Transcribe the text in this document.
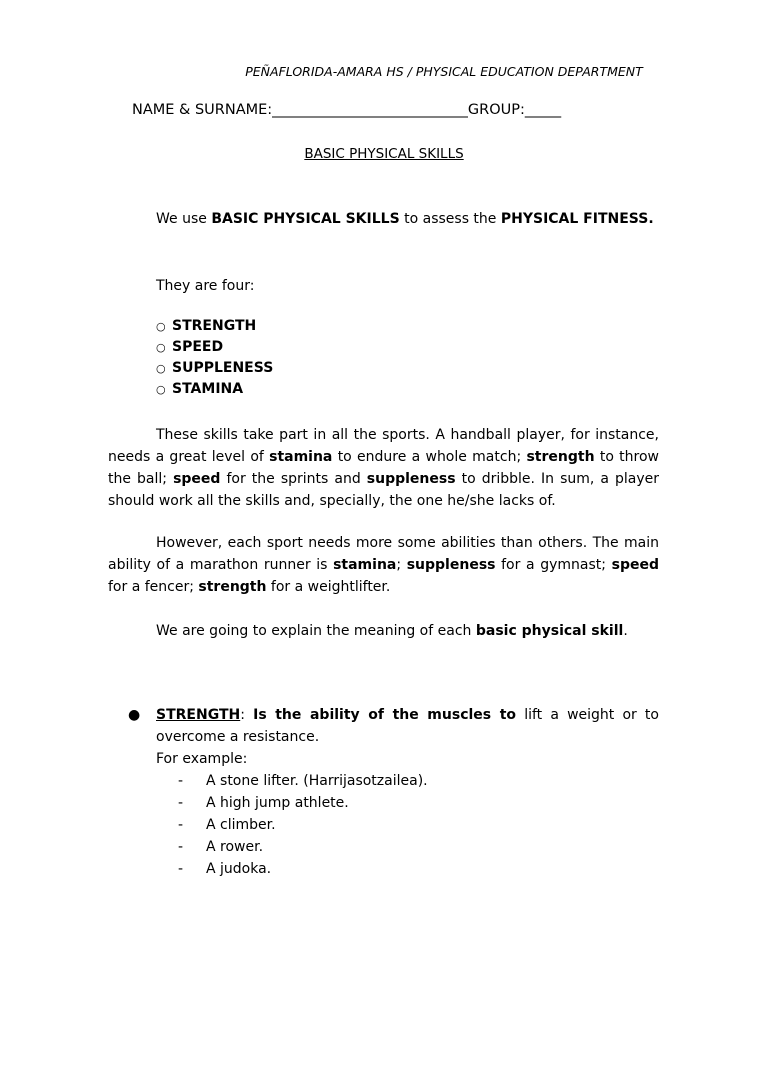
PEÑAFLORIDA-AMARA HS / PHYSICAL EDUCATION DEPARTMENT
NAME & SURNAME:___________________________GROUP:_____
BASIC PHYSICAL SKILLS
We use BASIC PHYSICAL SKILLS to assess the PHYSICAL FITNESS.
They are four:
○ STRENGTH
○ SPEED
○ SUPPLENESS
○ STAMINA
These skills take part in all the sports. A handball player, for instance, needs a great level of stamina to endure a whole match; strength to throw the ball; speed for the sprints and suppleness to dribble. In sum, a player should work all the skills and, specially, the one he/she lacks of.
However, each sport needs more some abilities than others. The main ability of a marathon runner is stamina; suppleness for a gymnast; speed for a fencer; strength for a weightlifter.
We are going to explain the meaning of each basic physical skill.
● STRENGTH: Is the ability of the muscles to lift a weight or to overcome a resistance.
For example:
- A stone lifter. (Harrijasotzailea).
- A high jump athlete.
- A climber.
- A rower.
- A judoka.
